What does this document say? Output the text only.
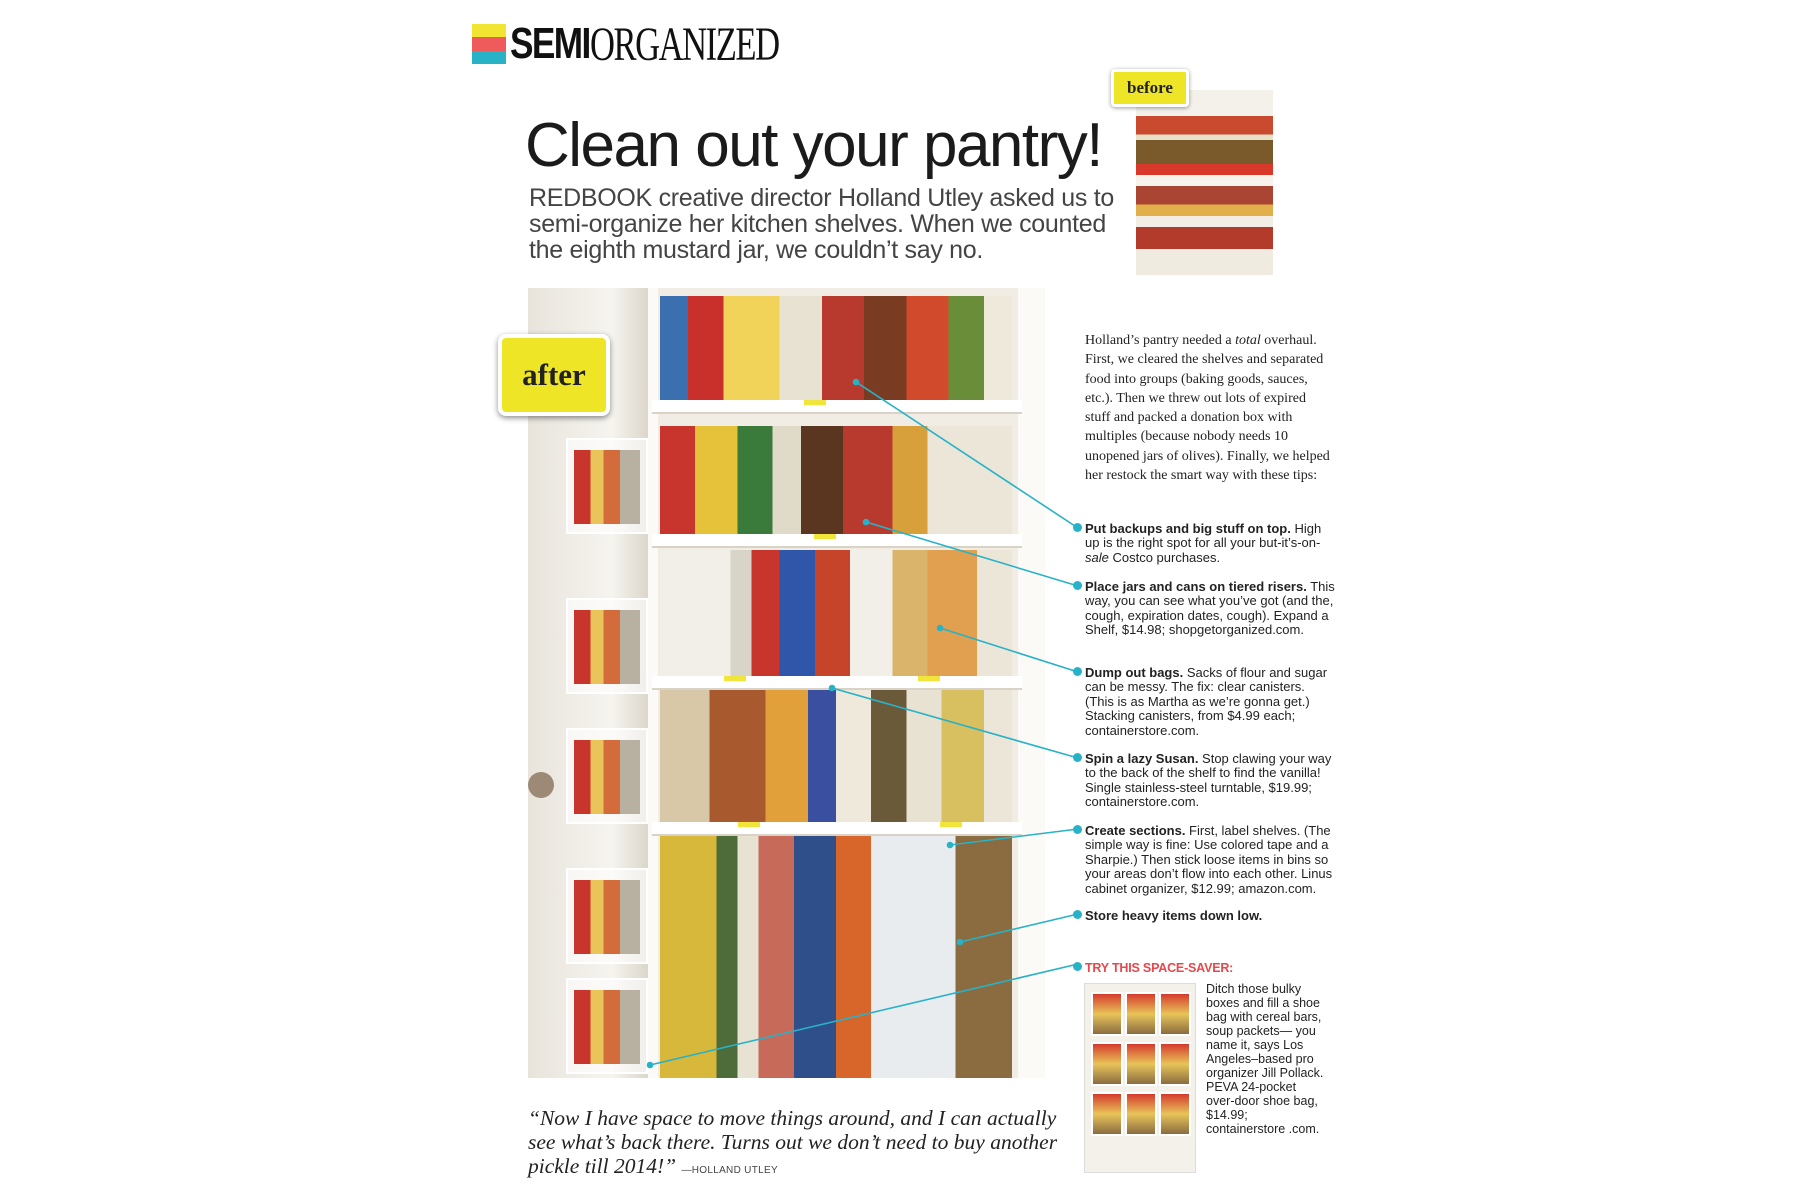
SEMI ORGANIZED
Clean out your pantry!
REDBOOK creative director Holland Utley asked us to semi-organize her kitchen shelves. When we counted the eighth mustard jar, we couldn’t say no.
before
after
Holland’s pantry needed a total overhaul. First, we cleared the shelves and separated food into groups (baking goods, sauces, etc.). Then we threw out lots of expired stuff and packed a donation box with multiples (because nobody needs 10 unopened jars of olives). Finally, we helped her restock the smart way with these tips:
Put backups and big stuff on top. High up is the right spot for all your but-it’s-on-sale Costco purchases.
Place jars and cans on tiered risers. This way, you can see what you’ve got (and the, cough, expiration dates, cough). Expand a Shelf, $14.98; shopgetorganized.com.
Dump out bags. Sacks of flour and sugar can be messy. The fix: clear canisters. (This is as Martha as we’re gonna get.) Stacking canisters, from $4.99 each; containerstore.com.
Spin a lazy Susan. Stop clawing your way to the back of the shelf to find the vanilla! Single stainless-steel turntable, $19.99; containerstore.com.
Create sections. First, label shelves. (The simple way is fine: Use colored tape and a Sharpie.) Then stick loose items in bins so your areas don’t flow into each other. Linus cabinet organizer, $12.99; amazon.com.
Store heavy items down low.
TRY THIS SPACE-SAVER:
Ditch those bulky boxes and fill a shoe bag with cereal bars, soup packets— you name it, says Los Angeles–based pro organizer Jill Pollack. PEVA 24-pocket over-door shoe bag, $14.99; containerstore .com.
“Now I have space to move things around, and I can actually see what’s back there. Turns out we don’t need to buy another pickle till 2014!” —HOLLAND UTLEY
